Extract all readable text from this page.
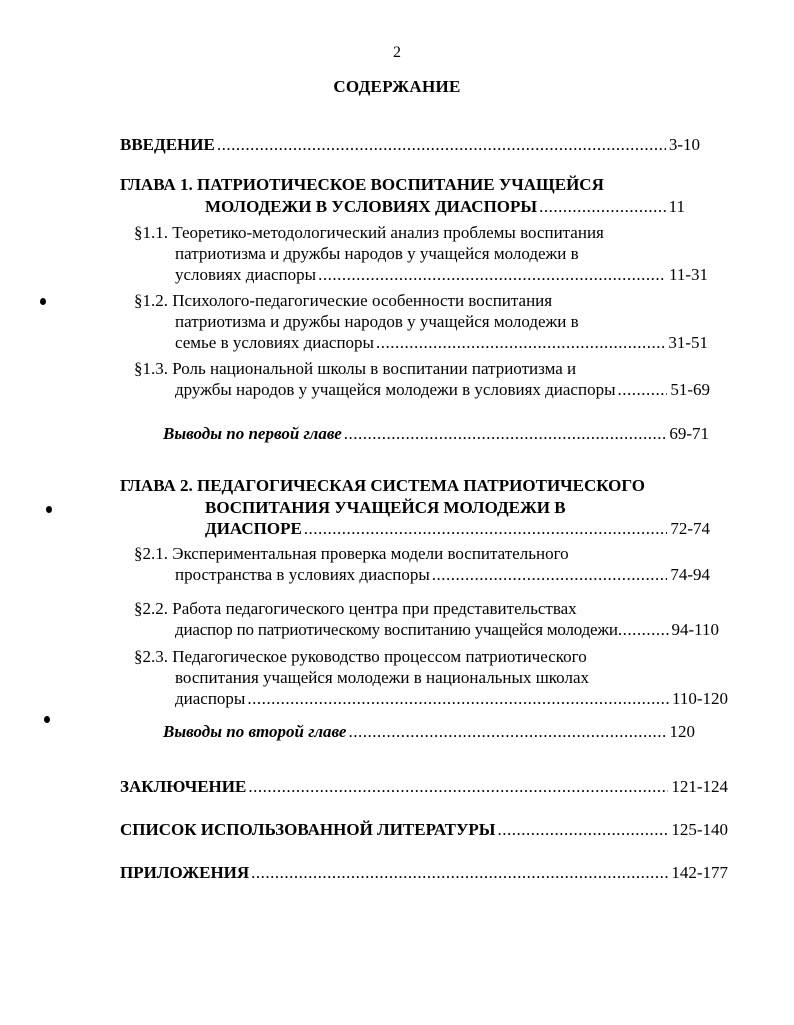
2
СОДЕРЖАНИЕ
ВВЕДЕНИЕ .....	3-10
ГЛАВА 1. ПАТРИОТИЧЕСКОЕ ВОСПИТАНИЕ УЧАЩЕЙСЯ
МОЛОДЕЖИ В УСЛОВИЯХ ДИАСПОРЫ .....	11
§1.1. Теоретико-методологический анализ проблемы воспитания
патриотизма и дружбы народов у учащейся молодежи в
условиях диаспоры .....	11-31
§1.2. Психолого-педагогические особенности воспитания
патриотизма и дружбы народов у учащейся молодежи в
семье в условиях диаспоры .....	31-51
§1.3. Роль национальной школы в воспитании патриотизма и
дружбы народов у учащейся молодежи в условиях диаспоры .....	51-69
Выводы по первой главе .....	69-71
ГЛАВА 2. ПЕДАГОГИЧЕСКАЯ СИСТЕМА ПАТРИОТИЧЕСКОГО
ВОСПИТАНИЯ УЧАЩЕЙСЯ МОЛОДЕЖИ В
ДИАСПОРЕ .....	72-74
§2.1. Экспериментальная проверка модели воспитательного
пространства в условиях диаспоры .....	74-94
§2.2. Работа педагогического центра при представительствах
диаспор по патриотическому воспитанию учащейся молодежи .....	94-110
§2.3. Педагогическое руководство процессом патриотического
воспитания учащейся молодежи в национальных школах
диаспоры .....	110-120
Выводы по второй главе .....	120
ЗАКЛЮЧЕНИЕ .....	121-124
СПИСОК ИСПОЛЬЗОВАННОЙ ЛИТЕРАТУРЫ .....	125-140
ПРИЛОЖЕНИЯ .....	142-177
